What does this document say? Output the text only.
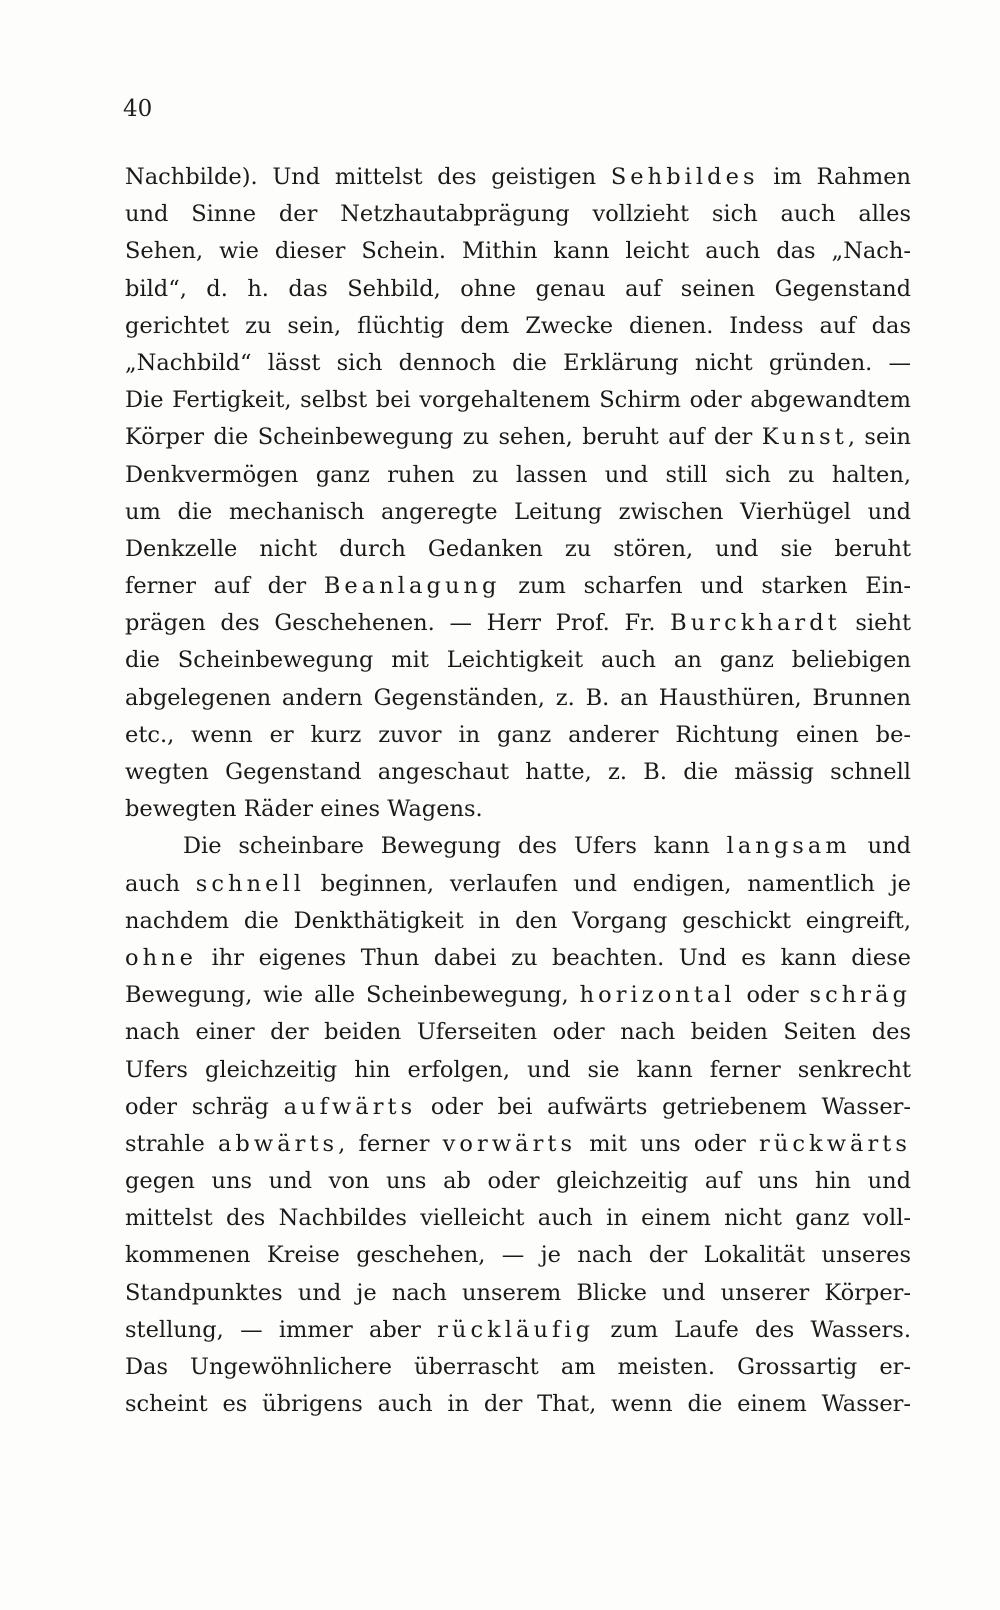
40
Nachbilde). Und mittelst des geistigen Sehbildes im Rahmen
und Sinne der Netzhautabprägung vollzieht sich auch alles
Sehen, wie dieser Schein. Mithin kann leicht auch das „Nach-
bild“, d. h. das Sehbild, ohne genau auf seinen Gegenstand
gerichtet zu sein, flüchtig dem Zwecke dienen. Indess auf das
„Nachbild“ lässt sich dennoch die Erklärung nicht gründen. —
Die Fertigkeit, selbst bei vorgehaltenem Schirm oder abgewandtem
Körper die Scheinbewegung zu sehen, beruht auf der Kunst, sein
Denkvermögen ganz ruhen zu lassen und still sich zu halten,
um die mechanisch angeregte Leitung zwischen Vierhügel und
Denkzelle nicht durch Gedanken zu stören, und sie beruht
ferner auf der Beanlagung zum scharfen und starken Ein-
prägen des Geschehenen. — Herr Prof. Fr. Burckhardt sieht
die Scheinbewegung mit Leichtigkeit auch an ganz beliebigen
abgelegenen andern Gegenständen, z. B. an Hausthüren, Brunnen
etc., wenn er kurz zuvor in ganz anderer Richtung einen be-
wegten Gegenstand angeschaut hatte, z. B. die mässig schnell
bewegten Räder eines Wagens.
Die scheinbare Bewegung des Ufers kann langsam und
auch schnell beginnen, verlaufen und endigen, namentlich je
nachdem die Denkthätigkeit in den Vorgang geschickt eingreift,
ohne ihr eigenes Thun dabei zu beachten. Und es kann diese
Bewegung, wie alle Scheinbewegung, horizontal oder schräg
nach einer der beiden Uferseiten oder nach beiden Seiten des
Ufers gleichzeitig hin erfolgen, und sie kann ferner senkrecht
oder schräg aufwärts oder bei aufwärts getriebenem Wasser-
strahle abwärts, ferner vorwärts mit uns oder rückwärts
gegen uns und von uns ab oder gleichzeitig auf uns hin und
mittelst des Nachbildes vielleicht auch in einem nicht ganz voll-
kommenen Kreise geschehen, — je nach der Lokalität unseres
Standpunktes und je nach unserem Blicke und unserer Körper-
stellung, — immer aber rückläufig zum Laufe des Wassers.
Das Ungewöhnlichere überrascht am meisten. Grossartig er-
scheint es übrigens auch in der That, wenn die einem Wasser-
